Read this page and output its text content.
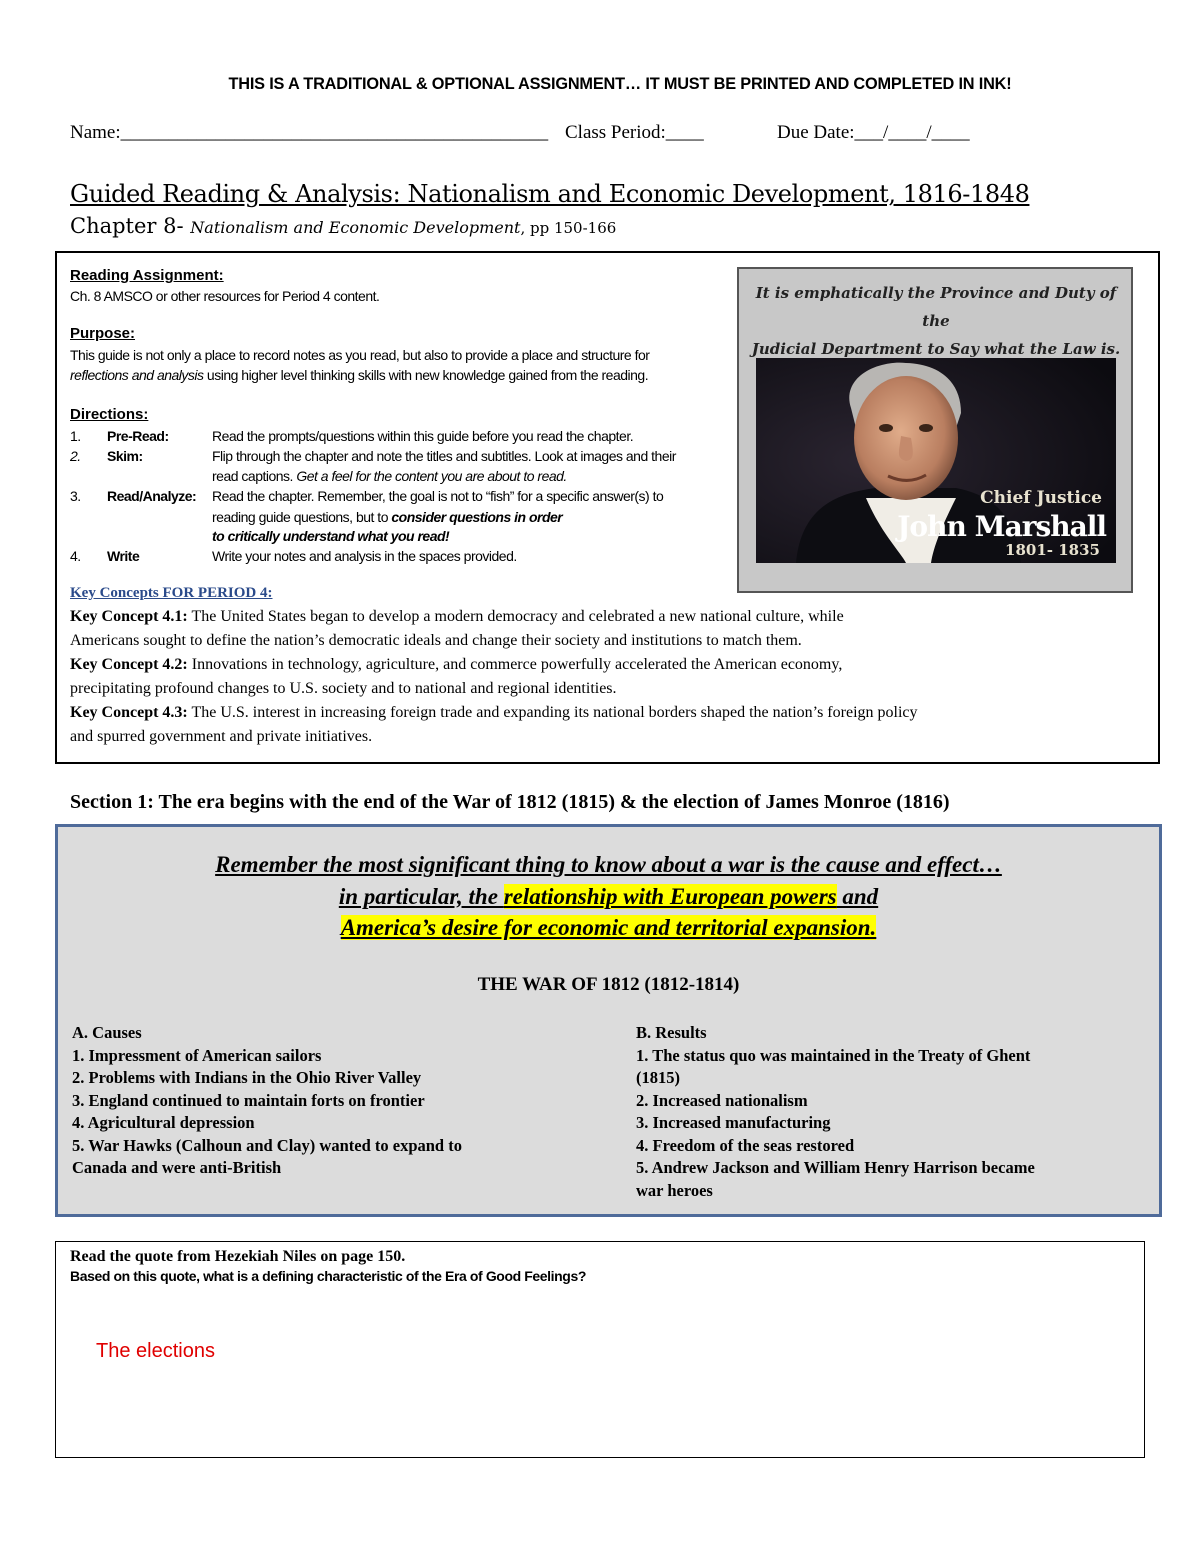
THIS IS A TRADITIONAL & OPTIONAL ASSIGNMENT… IT MUST BE PRINTED AND COMPLETED IN INK!
Name:_____________________________________________ Class Period:____	Due Date:___/____/____
Guided Reading & Analysis: Nationalism and Economic Development, 1816-1848
Chapter 8- Nationalism and Economic Development, pp 150-166
Reading Assignment:
Ch. 8 AMSCO or other resources for Period 4 content.
Purpose:
This guide is not only a place to record notes as you read, but also to provide a place and structure for
reflections and analysis using higher level thinking skills with new knowledge gained from the reading.
Directions:
1. Pre-Read:	Read the prompts/questions within this guide before you read the chapter.
2. Skim:	Flip through the chapter and note the titles and subtitles. Look at images and their
read captions. Get a feel for the content you are about to read.
3. Read/Analyze: Read the chapter. Remember, the goal is not to “fish” for a specific answer(s) to
reading guide questions, but to consider questions in order
to critically understand what you read!
4. Write	Write your notes and analysis in the spaces provided.
Key Concepts FOR PERIOD 4:
Key Concept 4.1: The United States began to develop a modern democracy and celebrated a new national culture, while
Americans sought to define the nation’s democratic ideals and change their society and institutions to match them.
Key Concept 4.2: Innovations in technology, agriculture, and commerce powerfully accelerated the American economy,
precipitating profound changes to U.S. society and to national and regional identities.
Key Concept 4.3: The U.S. interest in increasing foreign trade and expanding its national borders shaped the nation’s foreign policy
and spurred government and private initiatives.
It is emphatically the Province and Duty of the
Judicial Department to Say what the Law is.
Chief Justice
John Marshall
1801- 1835
Section 1: The era begins with the end of the War of 1812 (1815) & the election of James Monroe (1816)
Remember the most significant thing to know about a war is the cause and effect…
in particular, the relationship with European powers and
America’s desire for economic and territorial expansion.
THE WAR OF 1812 (1812-1814)
A. Causes
1. Impressment of American sailors
2. Problems with Indians in the Ohio River Valley
3. England continued to maintain forts on frontier
4. Agricultural depression
5. War Hawks (Calhoun and Clay) wanted to expand to
Canada and were anti-British
B. Results
1. The status quo was maintained in the Treaty of Ghent
(1815)
2. Increased nationalism
3. Increased manufacturing
4. Freedom of the seas restored
5. Andrew Jackson and William Henry Harrison became
war heroes
Read the quote from Hezekiah Niles on page 150.
Based on this quote, what is a defining characteristic of the Era of Good Feelings?
The elections
